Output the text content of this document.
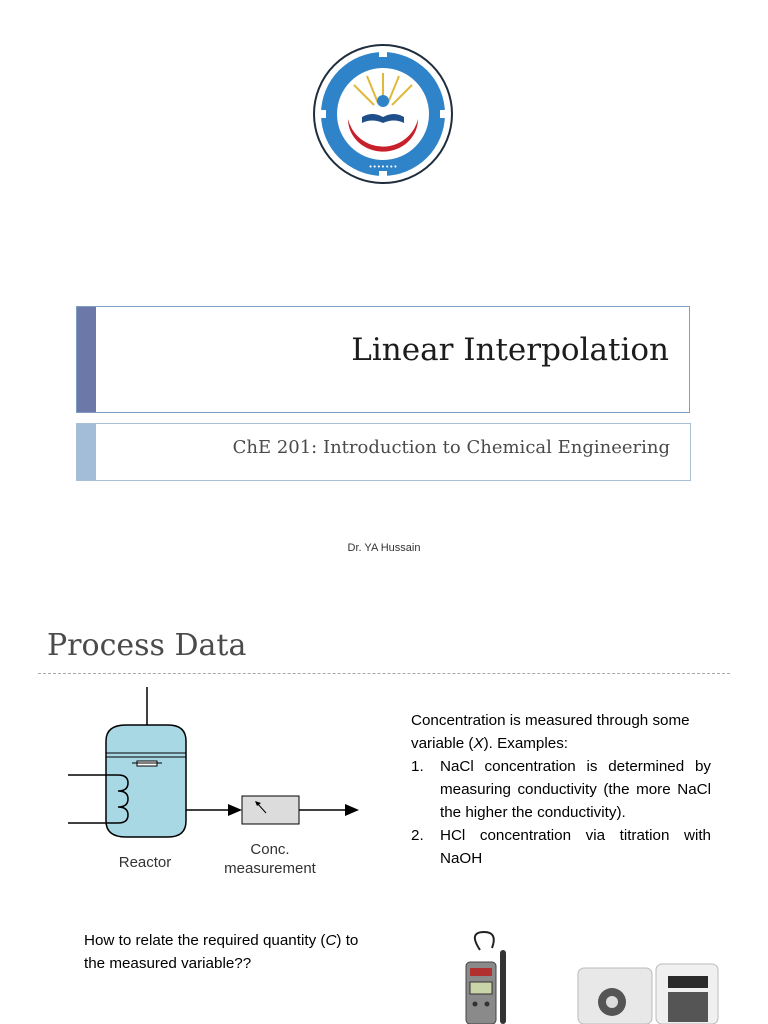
•••••••
Linear Interpolation
ChE 201: Introduction to Chemical Engineering
Dr. YA Hussain
Process Data
Reactor
Conc.
measurement

Concentration is measured through some variable (X). Examples:

1. NaCl concentration is determined by measuring conductivity (the more NaCl the higher the conductivity).
2. HCl concentration via titration with NaOH
How to relate the required quantity (C) to the measured variable??
